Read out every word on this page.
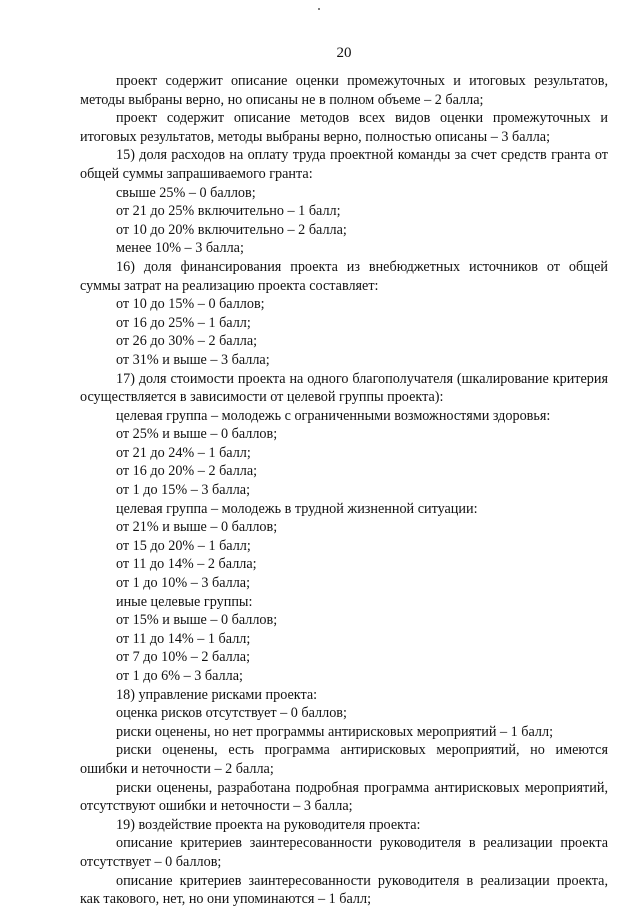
20

проект содержит описание оценки промежуточных и итоговых результатов, методы выбраны верно, но описаны не в полном объеме – 2 балла;

проект содержит описание методов всех видов оценки промежуточных и итоговых результатов, методы выбраны верно, полностью описаны – 3 балла;

15) доля расходов на оплату труда проектной команды за счет средств гранта от общей суммы запрашиваемого гранта:

свыше 25% – 0 баллов;

от 21 до 25% включительно – 1 балл;

от 10 до 20% включительно – 2 балла;

менее 10% – 3 балла;

16) доля финансирования проекта из внебюджетных источников от общей суммы затрат на реализацию проекта составляет:

от 10 до 15% – 0 баллов;

от 16 до 25% – 1 балл;

от 26 до 30% – 2 балла;

от 31% и выше – 3 балла;

17) доля стоимости проекта на одного благополучателя (шкалирование критерия осуществляется в зависимости от целевой группы проекта):

целевая группа – молодежь с ограниченными возможностями здоровья:

от 25% и выше – 0 баллов;

от 21 до 24% – 1 балл;

от 16 до 20% – 2 балла;

от 1 до 15% – 3 балла;

целевая группа – молодежь в трудной жизненной ситуации:

от 21% и выше – 0 баллов;

от 15 до 20% – 1 балл;

от 11 до 14% – 2 балла;

от 1 до 10% – 3 балла;

иные целевые группы:

от 15% и выше – 0 баллов;

от 11 до 14% – 1 балл;

от 7 до 10% – 2 балла;

от 1 до 6% – 3 балла;

18) управление рисками проекта:

оценка рисков отсутствует – 0 баллов;

риски оценены, но нет программы антирисковых мероприятий – 1 балл;

риски оценены, есть программа антирисковых мероприятий, но имеются ошибки и неточности – 2 балла;

риски оценены, разработана подробная программа антирисковых мероприятий, отсутствуют ошибки и неточности – 3 балла;

19) воздействие проекта на руководителя проекта:

описание критериев заинтересованности руководителя в реализации проекта отсутствует – 0 баллов;

описание критериев заинтересованности руководителя в реализации проекта, как такового, нет, но они упоминаются – 1 балл;
